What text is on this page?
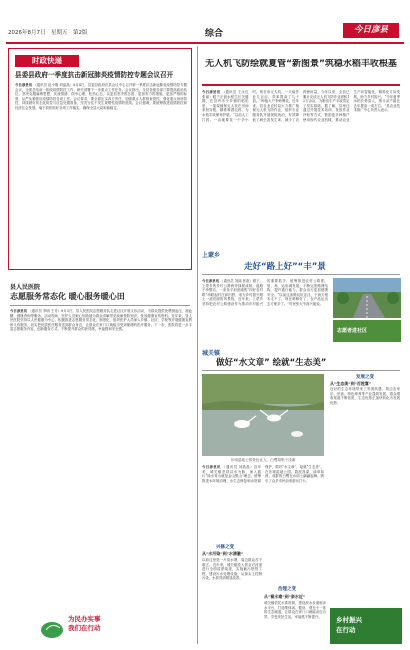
2026年8月7日　星期五　第2版	综合	今日彦县
时政快递
县委县政府一季度抗击新冠肺炎疫情防控专题会议召开
今日彦县讯 （通讯员 赵小刚 刘晶晶）8月4日，县委县政府在县会议中心召开第一季度抗击新冠肺炎疫情防控专题会议，全面总结前一阶段疫情防控工作，研究部署下一步重点工作任务。会议指出，全县各级各部门要提高政治站位，坚决克服麻痹思想、厌战情绪、侥幸心理、松劲心态，以更加坚决的态度、更加有力的措施、更加严格的标准，从严从紧抓好疫情防控各项工作。会议要求，要全面压实四方责任，加强重点人群排查管控，强化重点场所防控，持续做好常态化防控与应急处置准备，坚决守住不发生规模性疫情的底线。会议强调，要统筹推进疫情防控和经济社会发展，毫不放松抓好各项工作落实，确保全县大局和谐稳定。
县人民医院
志愿服务常态化 暖心服务暖心田
今日彦县讯 （通讯员 李明 王芳）8月3日，县人民医院志愿服务队走进社区开展义诊活动，为群众提供免费测血压、测血糖、健康咨询等服务。活动现场，医护人员耐心细致地为群众讲解常见疾病预防知识，发放健康宣传资料。近年来，县人民医院坚持以人民健康为中心，积极推进志愿服务常态化、制度化，组织医护人员深入乡镇、社区、学校等开展健康宣教和义诊服务，切实把优质医疗服务送到群众身边，让群众在家门口就能享受到便捷的医疗服务。下一步，医院将进一步丰富志愿服务内容，创新服务方式，不断提升群众的获得感、幸福感和安全感。
为民办实事
我们在行动
无人机飞防绘就夏管“新图景”筑稳水稻丰收根基
今日彦县讯 （通讯员 王永红 张丽）眼下正值水稻生长关键期，在县内多个乡镇的稻田里，一架架植保无人机在田间来回穿梭，精准喷洒农药，为水稻丰收保驾护航。“以前人工打药，一亩地要花一个多小时，现在用无人机，一天能作业几百亩，效率提高了几十倍。”种植大户李师傅说。近年来，县农业农村局大力推广植保无人机飞防作业，组织专业服务队开展统防统治，有效降低了病虫害发生率，减少了农药使用量。今年以来，全县已累计完成无人机飞防作业面积12万余亩，为粮食丰产丰收奠定了坚实基础。据了解，县里还通过开展技术培训、发放作业补贴等方式，鼓励更多种植户使用现代农业机械，推动农业生产向智能化、精准化方向发展，助力乡村振兴。“今年夏季水稻长势喜人，预计亩产能比去年提高一成左右。”县农业技术推广中心负责人表示。
上蒙乡
走好“路上好”“丰”景
今日彦县讯 （通讯员 刘丽 张欢）眼下，上蒙乡的乡村公路两旁绿树成荫，道路干净整洁，一条条平坦宽阔的“四好农村路”串联起村庄和田野，成为乡村振兴路上一道亮丽的风景线。近年来，上蒙乡坚持把农村公路建设作为推动乡村振兴的重要抓手，统筹推进农村公路建、管、养、运协调发展，不断完善路网结构，提升通行能力，群众出行更加便捷安全。“以前这条路坑坑洼洼，下雨天根本走不了，现在路修好了，农产品运出去方便多了。”村民张大爷高兴地说。
志愿者进社区
城关镇
做好“水文章” 绘就“生态美”
东城湿地公园景色宜人，白鹭翔集于浅滩
今日彦县讯 （通讯员 刘晶晶）近年来，城关镇坚持以水为脉，深入践行“绿水青山就是金山银山”理念，统筹推进水环境治理、水生态修复和水资源保护，做好“水文章”，绘就“生态美”。在东城湿地公园，碧波荡漾，绿草如茵，成群的白鹭在水面上翩翩起舞，吸引了众多市民前来游玩打卡。
兴修之变
从“水污染”到“水清澈”
以前这里是一片臭水塘，周边群众苦不堪言。近年来，城关镇投入资金对河道进行全面清淤疏浚，实施截污纳管工程，建设污水处理设施，从源头上控制污染，水质得到明显改善。
治理之变
从“看水难”到“亲水近”
城关镇依托水系资源，建设滨水步道和亲水平台，打造集休闲、健身、观光于一体的生态廊道，让群众在家门口就能亲近自然、享受美好生活，幸福感不断提升。
发展之变
从“生态美”到“百姓富”
良好的生态环境带来了发展机遇，周边农家乐、民宿、特色种养等产业蓬勃发展，群众增收渠道不断拓宽，生态优势正加快转化为发展优势。
乡村振兴
在行动
